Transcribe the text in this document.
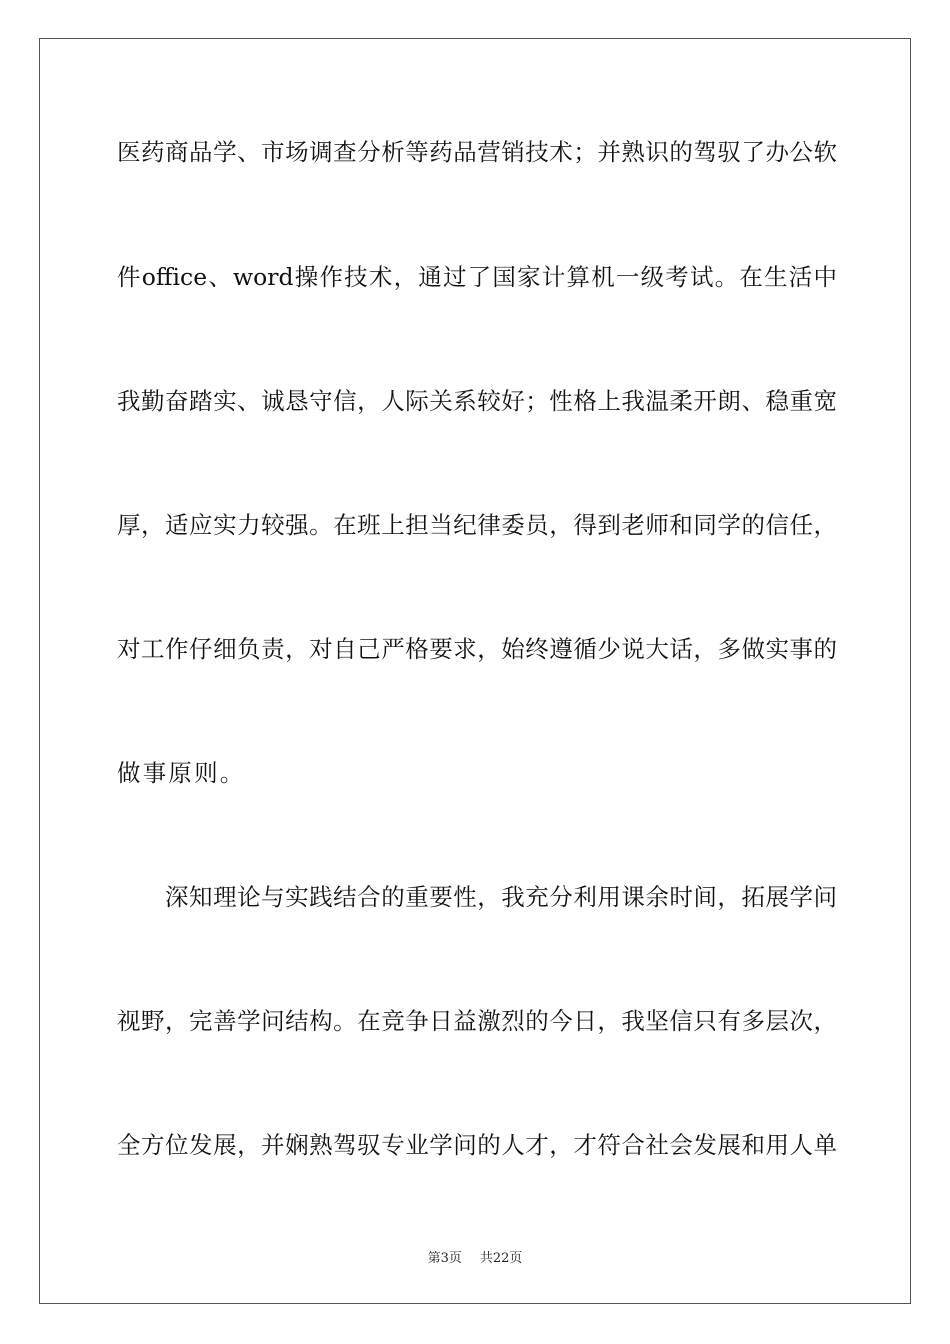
医药商品学、市场调查分析等药品营销技术；并熟识的驾驭了办公软
件office、word操作技术，通过了国家计算机一级考试。在生活中
我勤奋踏实、诚恳守信，人际关系较好；性格上我温柔开朗、稳重宽
厚，适应实力较强。在班上担当纪律委员，得到老师和同学的信任，
对工作仔细负责，对自己严格要求，始终遵循少说大话，多做实事的
做事原则。
　　深知理论与实践结合的重要性，我充分利用课余时间，拓展学问
视野，完善学问结构。在竞争日益激烈的今日，我坚信只有多层次，
全方位发展，并娴熟驾驭专业学问的人才，才符合社会发展和用人单
第3页 共22页
